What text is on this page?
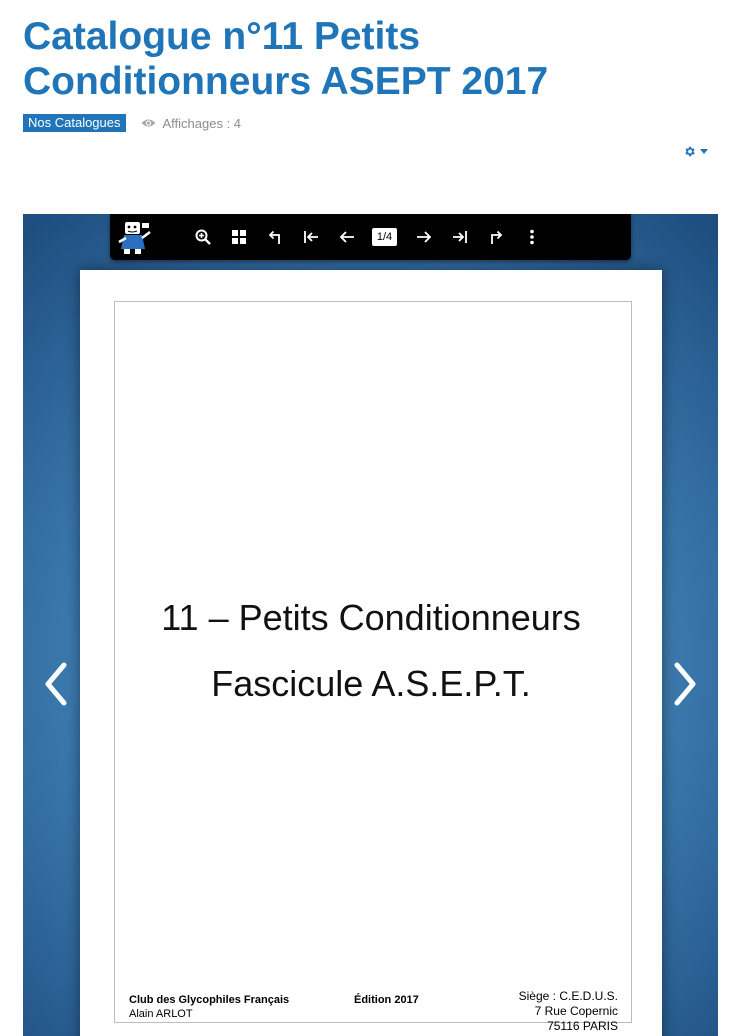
Catalogue n°11 Petits Conditionneurs ASEPT 2017
Nos Catalogues	Affichages : 4
1/4

11 – Petits Conditionneurs

Fascicule A.S.E.P.T.

Club des Glycophiles Français
Alain ARLOT
Édition 2017	Siège : C.E.D.U.S.
7 Rue Copernic
75116 PARIS
